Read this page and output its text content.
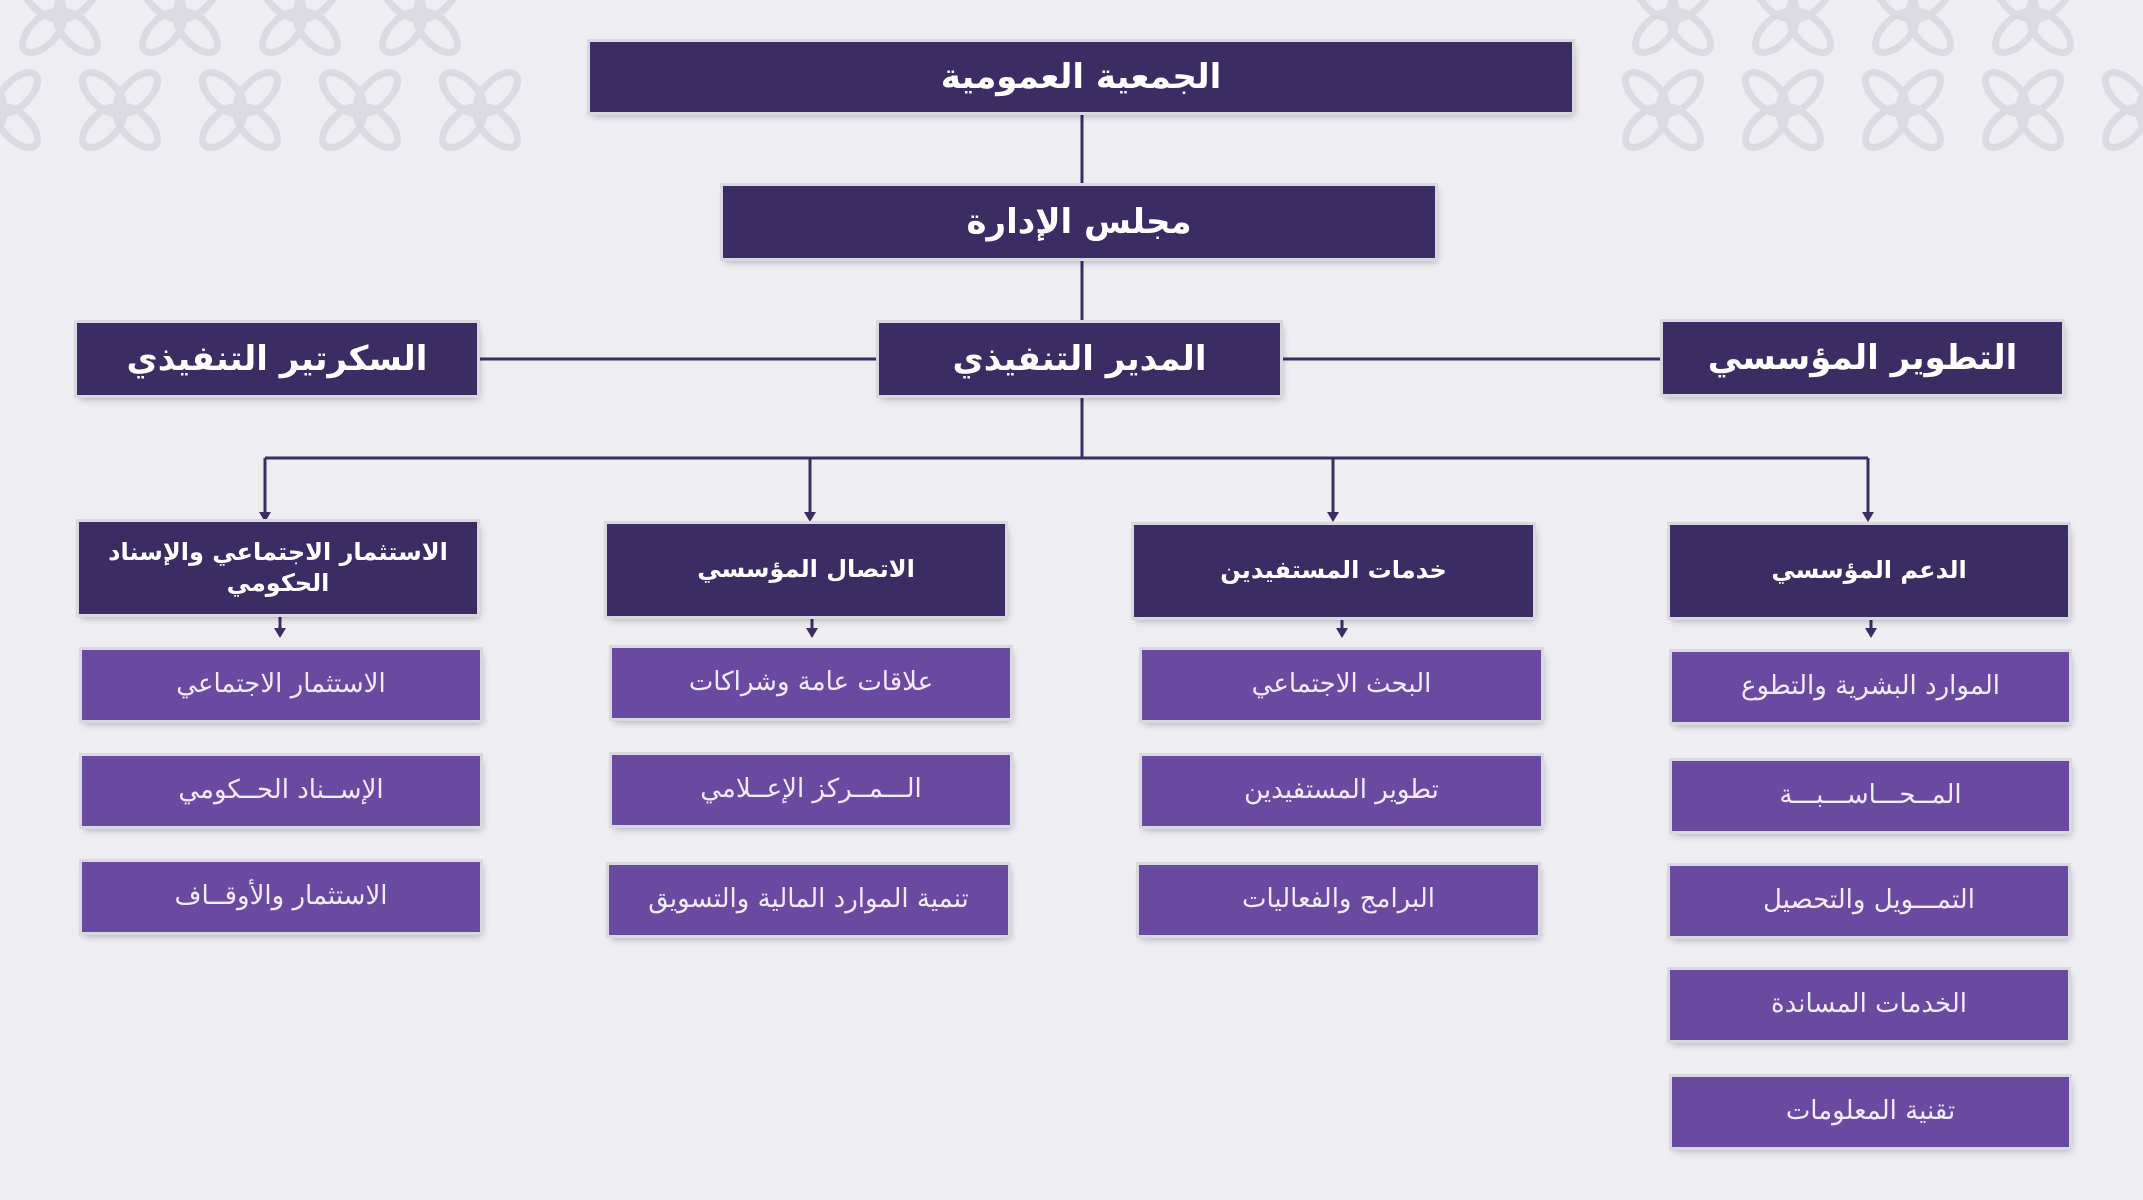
الجمعية العمومية
مجلس الإدارة
المدير التنفيذي
السكرتير التنفيذي	التطوير المؤسسي
الاستثمار الاجتماعي والإسناد الحكومي	الاتصال المؤسسي	خدمات المستفيدين	الدعم المؤسسي
الاستثمار الاجتماعي
الإســناد الحــكومي
الاستثمار والأوقــاف
علاقات عامة وشراكات
الـــمــركز الإعــلامي
تنمية الموارد المالية والتسويق
البحث الاجتماعي
تطوير المستفيدين
البرامج والفعاليات
الموارد البشرية والتطوع
المــحـــاســـبـــة
التمـــويل والتحصيل
الخدمات المساندة
تقنية المعلومات
